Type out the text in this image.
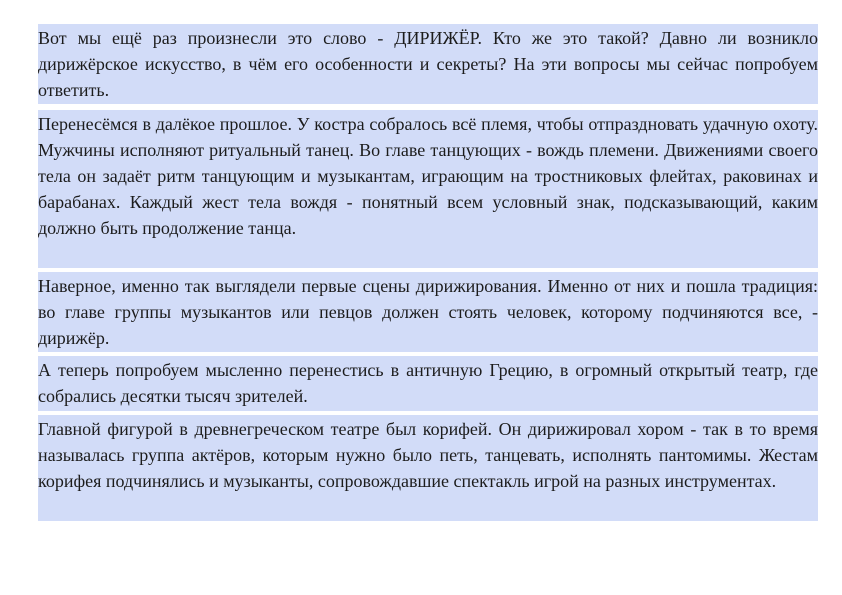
Вот мы ещё раз произнесли это слово - ДИРИЖЁР. Кто же это такой? Давно ли возникло дирижёрское искусство, в чём его особенности и секреты? На эти вопросы мы сейчас попробуем ответить.

Перенесёмся в далёкое прошлое. У костра собралось всё племя, чтобы отпраздновать удачную охоту. Мужчины исполняют ритуальный танец. Во главе танцующих - вождь племени. Движениями своего тела он задаёт ритм танцующим и музыкантам, играющим на тростниковых флейтах, раковинах и барабанах. Каждый жест тела вождя - понятный всем условный знак, подсказывающий, каким должно быть продолжение танца.

Наверное, именно так выглядели первые сцены дирижирования. Именно от них и пошла традиция: во главе группы музыкантов или певцов должен стоять человек, которому подчиняются все, - дирижёр.

А теперь попробуем мысленно перенестись в античную Грецию, в огромный открытый театр, где собрались десятки тысяч зрителей.

Главной фигурой в древнегреческом театре был корифей. Он дирижировал хором - так в то время называлась группа актёров, которым нужно было петь, танцевать, исполнять пантомимы. Жестам корифея подчинялись и музыканты, сопровождавшие спектакль игрой на разных инструментах.
